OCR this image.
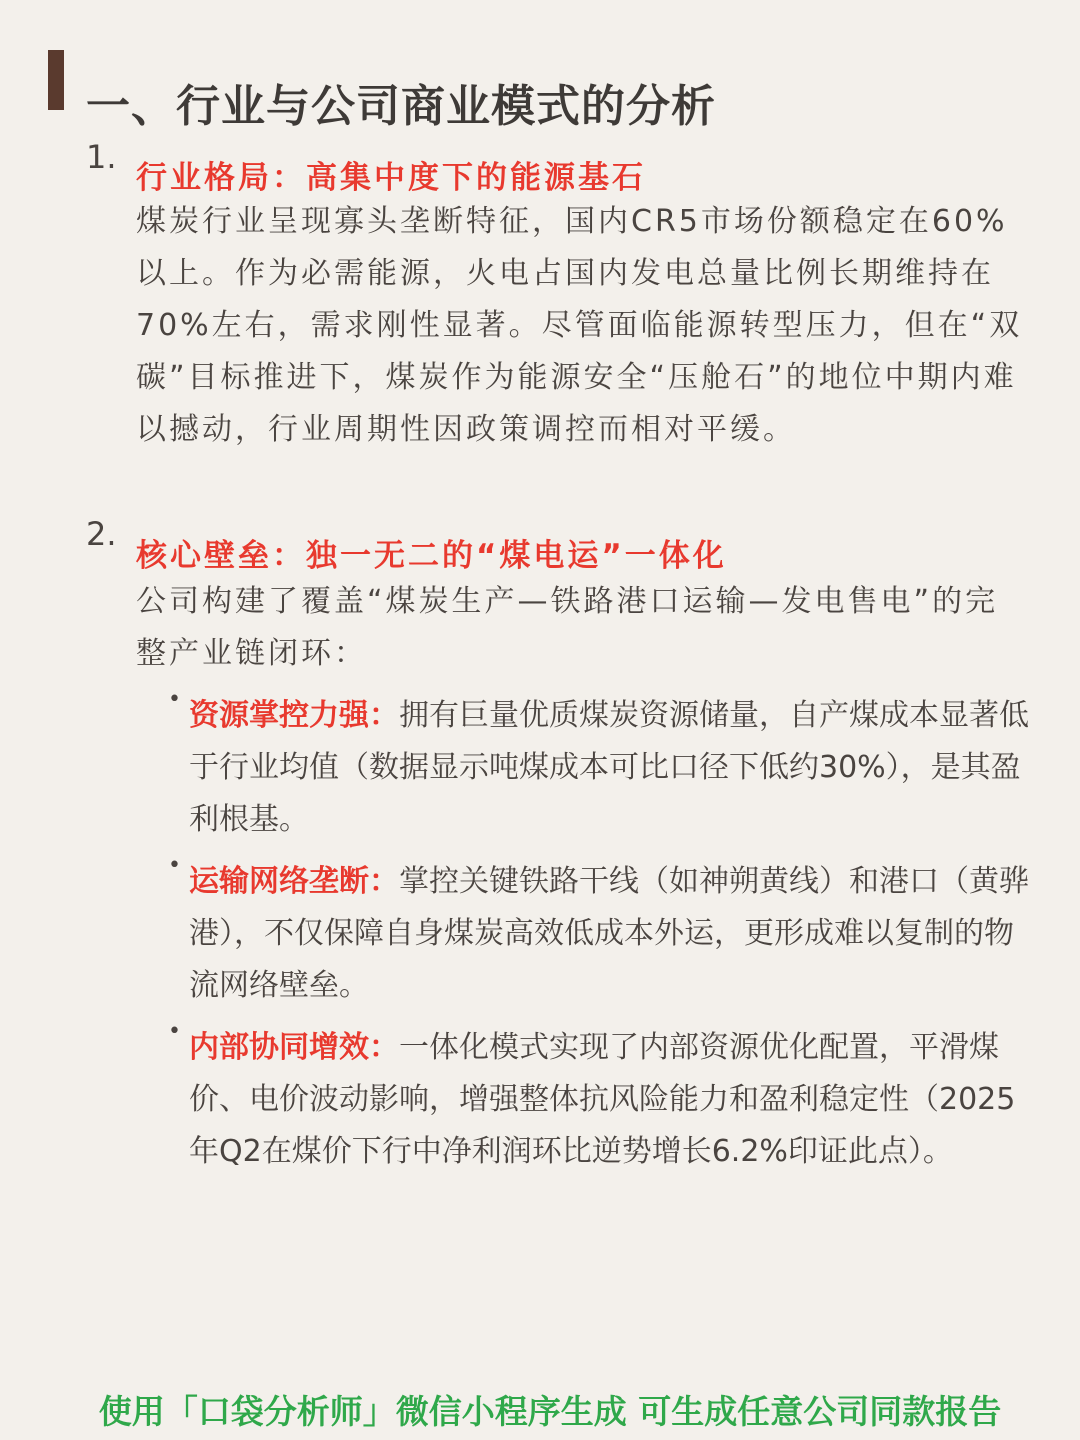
一、行业与公司商业模式的分析
1.
行业格局：高集中度下的能源基石
煤炭行业呈现寡头垄断特征，国内CR5市场份额稳定在60%以上。作为必需能源，火电占国内发电总量比例长期维持在70%左右，需求刚性显著。尽管面临能源转型压力，但在“双碳”目标推进下，煤炭作为能源安全“压舱石”的地位中期内难以撼动，行业周期性因政策调控而相对平缓。
2.
核心壁垒：独一无二的“煤电运”一体化
公司构建了覆盖“煤炭生产—铁路港口运输—发电售电”的完整产业链闭环：
• 资源掌控力强：拥有巨量优质煤炭资源储量，自产煤成本显著低于行业均值（数据显示吨煤成本可比口径下低约30%），是其盈利根基。
• 运输网络垄断：掌控关键铁路干线（如神朔黄线）和港口（黄骅港），不仅保障自身煤炭高效低成本外运，更形成难以复制的物流网络壁垒。
• 内部协同增效：一体化模式实现了内部资源优化配置，平滑煤价、电价波动影响，增强整体抗风险能力和盈利稳定性（2025年Q2在煤价下行中净利润环比逆势增长6.2%印证此点）。
使用「口袋分析师」微信小程序生成 可生成任意公司同款报告
